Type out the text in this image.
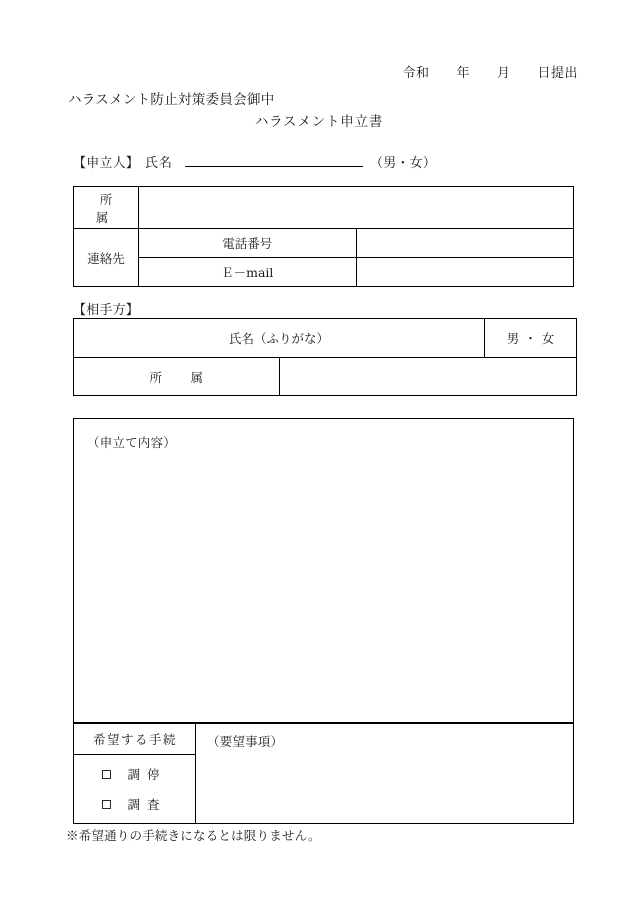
令和　　年　　月　　日提出
ハラスメント防止対策委員会御中
ハラスメント申立書
【申立人】 氏名	（男・女）
所　属		
連絡先	電話番号	
	Ｅ－mail	
【相手方】
氏名（ふりがな）		男・女
所　属		
（申立て内容）
希望する手続	（要望事項）

調停
調査
※希望通りの手続きになるとは限りません。
